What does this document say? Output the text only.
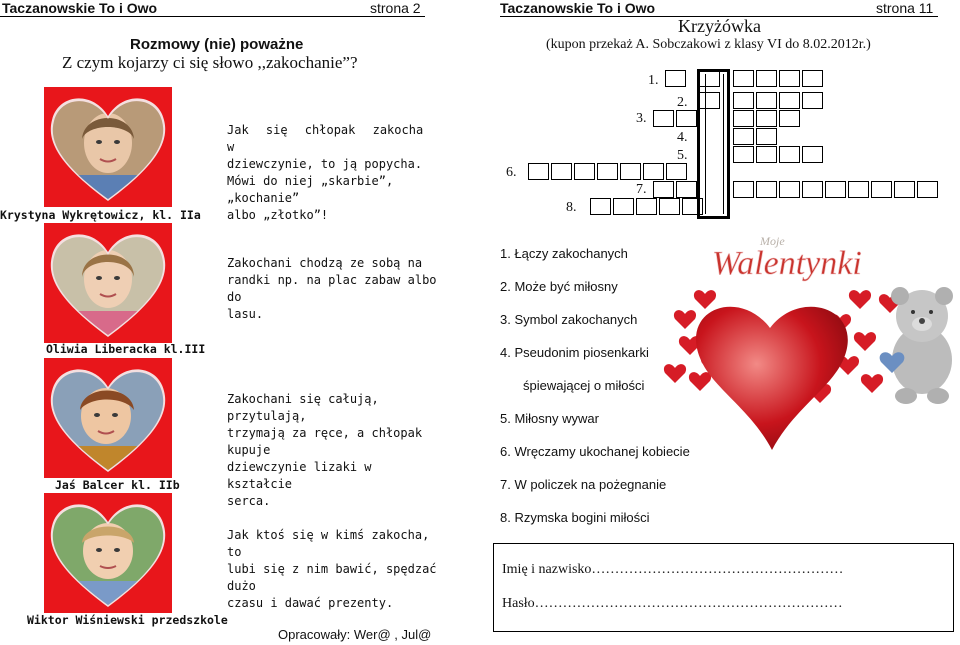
Taczanowskie To i Owo	strona 2
Rozmowy (nie) poważne
Z czym kojarzy ci się słowo ,,zakochanie”?
Krystyna Wykrętowicz, kl. IIa
Jak się chłopak zakocha w
dziewczynie, to ją popycha.
Mówi do niej „skarbie”, „kochanie”
albo „złotko”!
Oliwia Liberacka kl.III
Zakochani chodzą ze sobą na
randki np. na plac zabaw albo do
lasu.
Jaś Balcer kl. IIb
Zakochani się całują, przytulają,
trzymają za ręce, a chłopak kupuje
dziewczynie lizaki w kształcie
serca.
Wiktor Wiśniewski przedszkole
Jak ktoś się w kimś zakocha, to
lubi się z nim bawić, spędzać dużo
czasu i dawać prezenty.
Opracowały: Wer@ , Jul@
Taczanowskie To i Owo	strona 11
Krzyżówka
(kupon przekaż A. Sobczakowi z klasy VI do 8.02.2012r.)
1.
2.
3.
4.
5.
6.
7.
8.
1. Łączy zakochanych
2. Może być miłosny
3. Symbol zakochanych
4. Pseudonim piosenkarki
śpiewającej o miłości
5. Miłosny wywar
6. Wręczamy ukochanej kobiecie
7. W policzek na pożegnanie
8. Rzymska bogini miłości
Moje
Walentynki
Imię i nazwisko………………………………………………
Hasło…………………………………………………………
